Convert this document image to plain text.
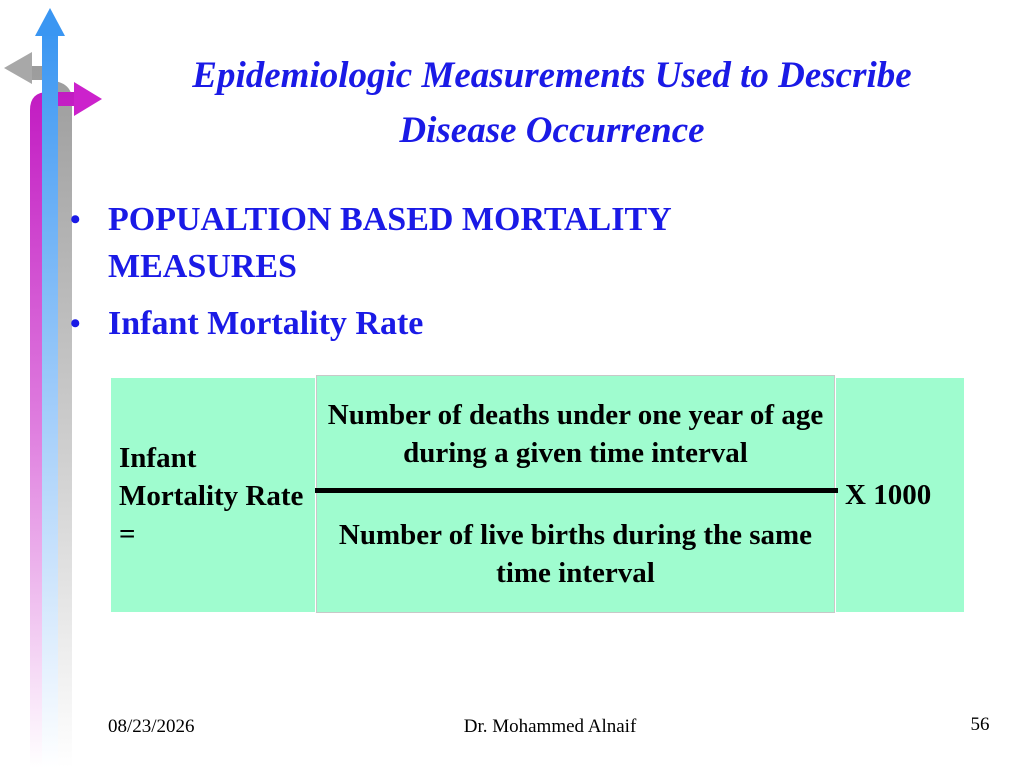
Epidemiologic Measurements Used to Describe Disease Occurrence
• POPUALTION BASED MORTALITY MEASURES
• Infant Mortality Rate
Infant Mortality Rate =
Number of deaths under one year of age during a given time interval
Number of live births during the same time interval
X 1000
08/23/2026	Dr. Mohammed Alnaif	56
